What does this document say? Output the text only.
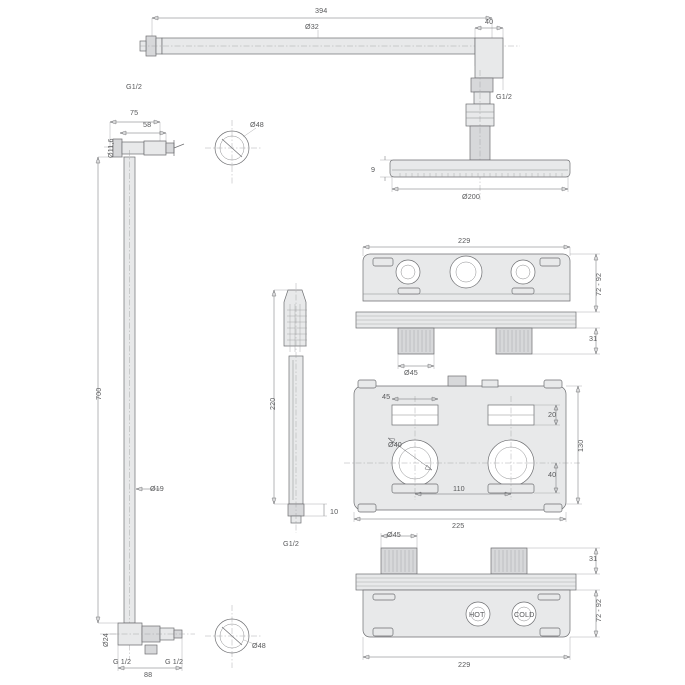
394
Ø32
40
G1/2
G1/2
9
Ø200
75
58
Ø11,6
Ø48
Ø48
700
Ø19
Ø24
88
G 1/2	G 1/2
220
10
G1/2
229
72 - 92
31
Ø45
45
20
130
40
110
Ø40
225
Ø45
31
72 - 92
229
HOT	COLD
